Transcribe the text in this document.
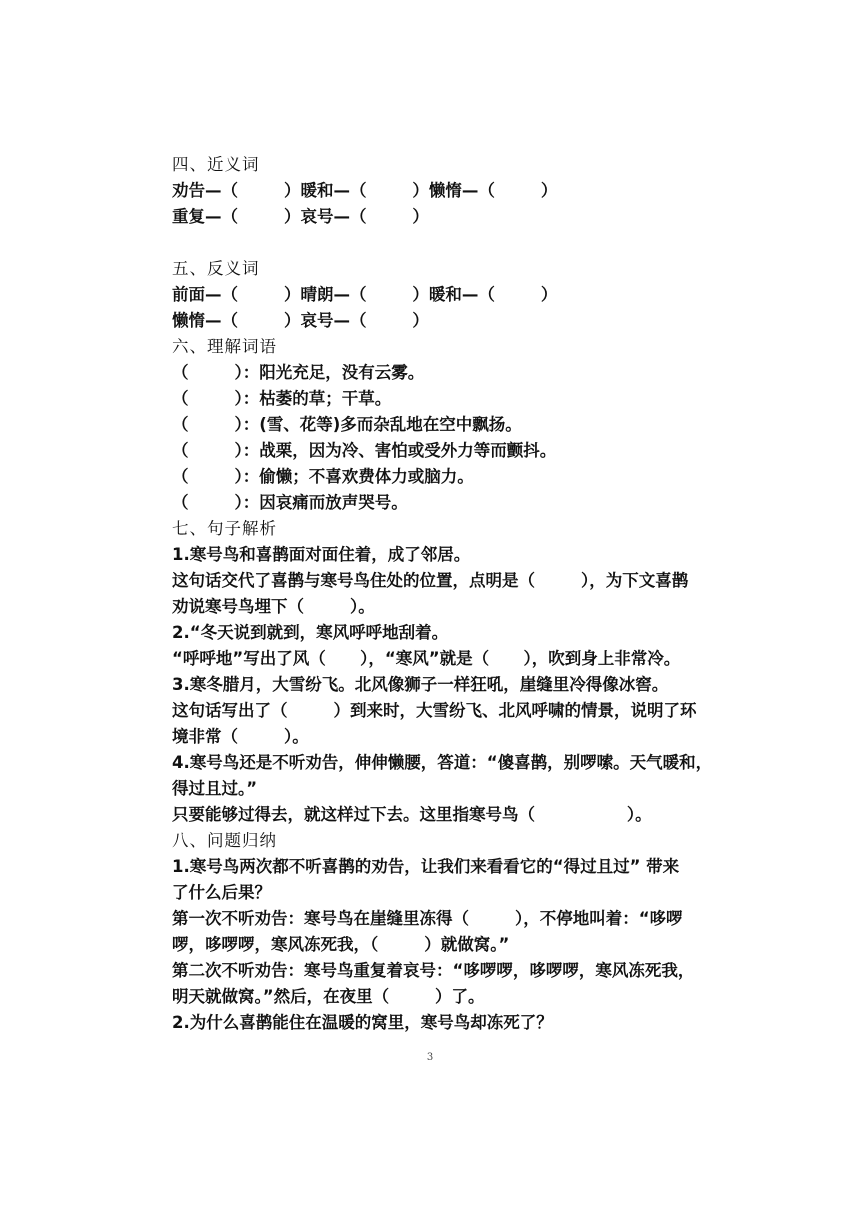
四、近义词

劝告—（        ）暖和—（        ）懒惰—（        ）

重复—（        ）哀号—（        ）

五、反义词

前面—（        ）晴朗—（        ）暖和—（        ）

懒惰—（        ）哀号—（        ）

六、理解词语

（        ）：阳光充足，没有云雾。

（        ）：枯萎的草；干草。

（        ）：(雪、花等)多而杂乱地在空中飘扬。

（        ）：战栗，因为冷、害怕或受外力等而颤抖。

（        ）：偷懒；不喜欢费体力或脑力。

（        ）：因哀痛而放声哭号。

七、句子解析

1.寒号鸟和喜鹊面对面住着，成了邻居。

这句话交代了喜鹊与寒号鸟住处的位置，点明是（        ），为下文喜鹊

劝说寒号鸟埋下（        ）。

2.“冬天说到就到，寒风呼呼地刮着。

“呼呼地”写出了风（      ），“寒风”就是（      ），吹到身上非常冷。

3.寒冬腊月，大雪纷飞。北风像狮子一样狂吼，崖缝里冷得像冰窖。

这句话写出了（        ）到来时，大雪纷飞、北风呼啸的情景，说明了环

境非常（        ）。

4.寒号鸟还是不听劝告，伸伸懒腰，答道：“傻喜鹊，别啰嗦。天气暖和，

得过且过。”

只要能够过得去，就这样过下去。这里指寒号鸟（                ）。

八、问题归纳

1.寒号鸟两次都不听喜鹊的劝告，让我们来看看它的“得过且过” 带来

了什么后果？

第一次不听劝告：寒号鸟在崖缝里冻得（        ），不停地叫着：“哆啰

啰，哆啰啰，寒风冻死我，（        ）就做窝。”

第二次不听劝告：寒号鸟重复着哀号：“哆啰啰，哆啰啰，寒风冻死我，

明天就做窝。”然后，在夜里（        ）了。

2.为什么喜鹊能住在温暖的窝里，寒号鸟却冻死了？

3
